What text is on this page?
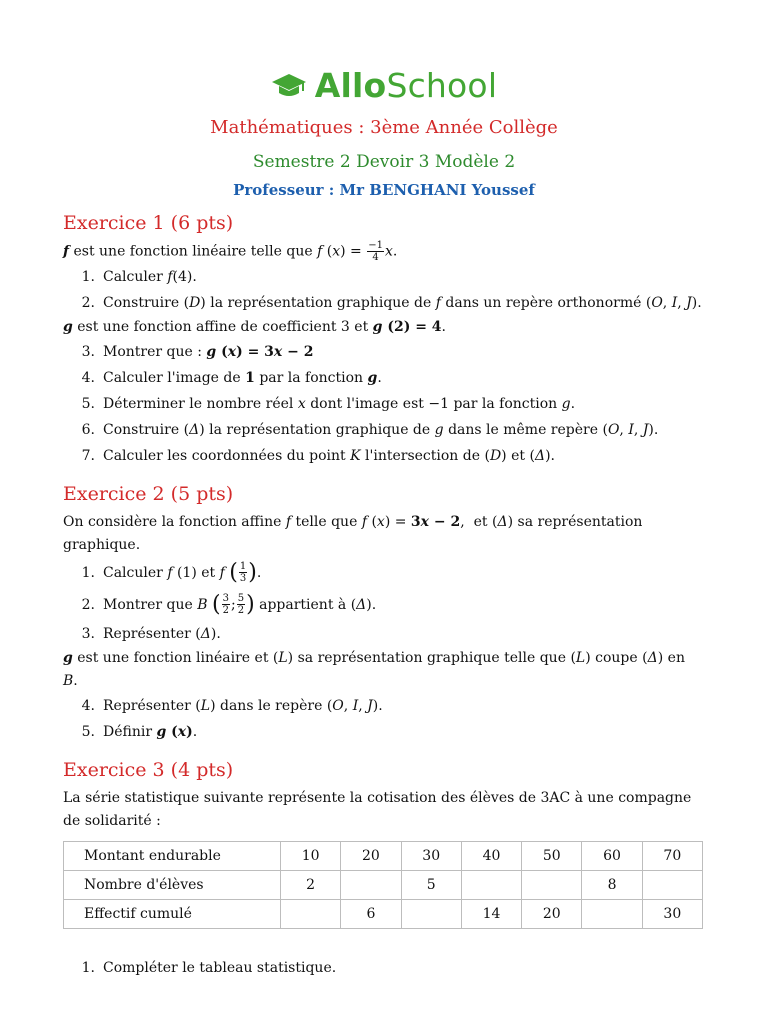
AlloSchool
Mathématiques : 3ème Année Collège
Semestre 2 Devoir 3 Modèle 2
Professeur : Mr BENGHANI Youssef
Exercice 1 (6 pts)

f est une fonction linéaire telle que f $(x) = \frac{-1}{4} x$.

1. Calculer f(4).
2. Construire (D) la représentation graphique de f dans un repère orthonormé (O, I, J).

g est une fonction affine de coefficient 3 et g (2) = 4.

3. Montrer que : g (x) = 3x − 2
4. Calculer l'image de 1 par la fonction g.
5. Déterminer le nombre réel x dont l'image est −1 par la fonction g.
6. Construire (Δ) la représentation graphique de g dans le même repère (O, I, J).
7. Calculer les coordonnées du point K l'intersection de (D) et (Δ).
Exercice 2 (5 pts)

On considère la fonction affine f telle que f (x) = 3x − 2,  et (Δ) sa représentation
graphique.

1. Calculer f (1) et f ( $\frac{1}{3}$ ).
2. Montrer que B ( $\frac{3}{2}$ ; $\frac{5}{2}$ ) appartient à (Δ).
3. Représenter (Δ).

g est une fonction linéaire et (L) sa représentation graphique telle que (L) coupe (Δ) en B.

4. Représenter (L) dans le repère (O, I, J).
5. Définir g (x).
Exercice 3 (4 pts)

La série statistique suivante représente la cotisation des élèves de 3AC à une compagne de solidarité :

Montant endurable	10	20	30	40	50	60	70
Nombre d'élèves	2		5			8	
Effectif cumulé		6		14	20		30
1. Compléter le tableau statistique.
